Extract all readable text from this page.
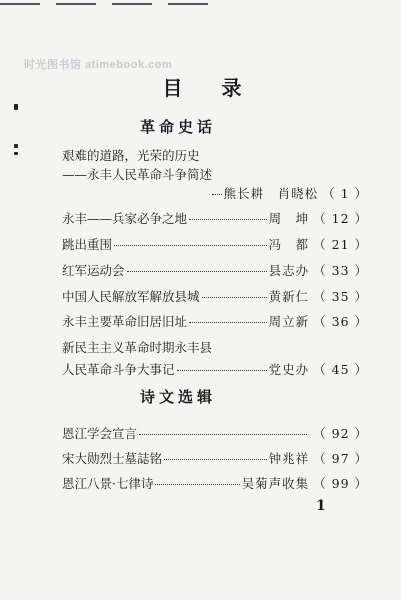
时光图书馆 atimebook.com
目 录
革命史话
艰难的道路，光荣的历史
——永丰人民革命斗争简述
熊长耕　肖晓松 （ 1 ）
永丰——兵家必争之地	周　坤 （ 12 ）
跳出重围	冯　都 （ 21 ）
红军运动会	县志办 （ 33 ）
中国人民解放军解放县城	黄新仁 （ 35 ）
永丰主要革命旧居旧址	周立新 （ 36 ）
新民主主义革命时期永丰县
人民革命斗争大事记	党史办 （ 45 ）
诗文选辑
恩江学会宣言	（ 92 ）
宋大勋烈士墓誌铭	钟兆祥 （ 97 ）
恩江八景·七律诗	吴菊声收集 （ 99 ）
1
